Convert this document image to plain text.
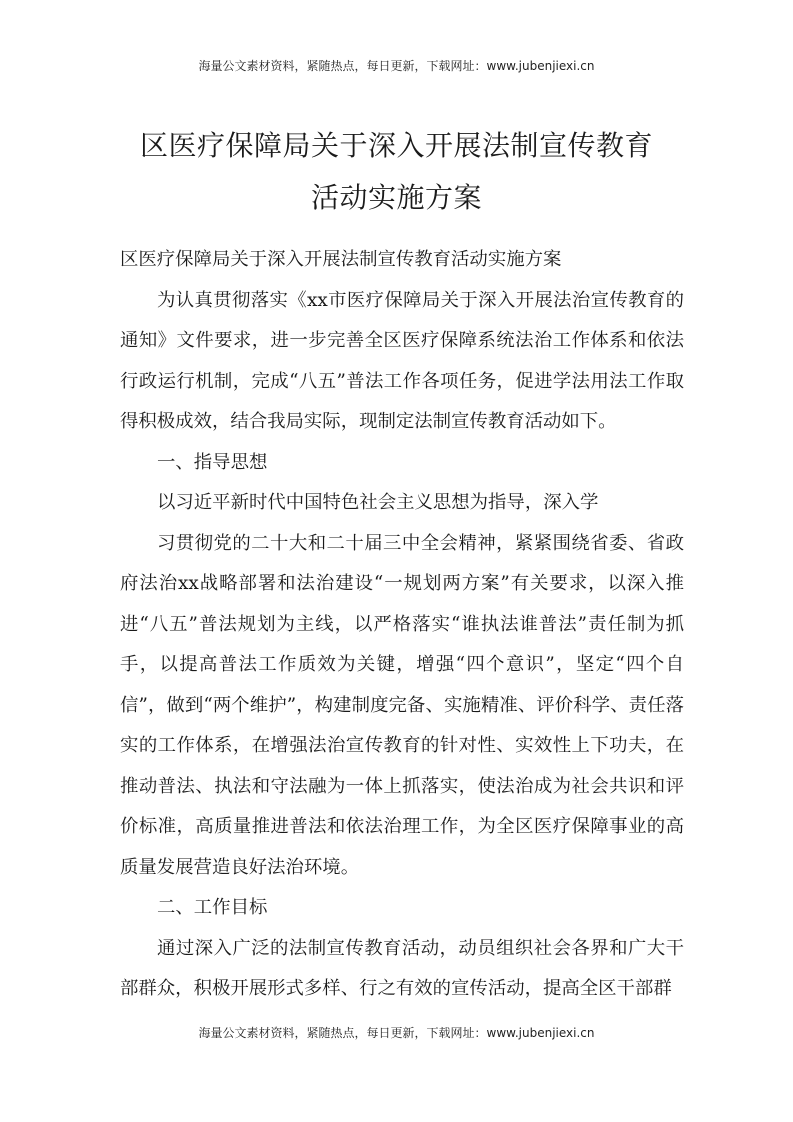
海量公文素材资料，紧随热点，每日更新，下载网址：www.jubenjiexi.cn
区医疗保障局关于深入开展法制宣传教育
活动实施方案

区医疗保障局关于深入开展法制宣传教育活动实施方案

为认真贯彻落实《xx市医疗保障局关于深入开展法治宣传教育的通知》文件要求，进一步完善全区医疗保障系统法治工作体系和依法行政运行机制，完成“八五”普法工作各项任务，促进学法用法工作取得积极成效，结合我局实际，现制定法制宣传教育活动如下。

一、指导思想

以习近平新时代中国特色社会主义思想为指导，深入学

习贯彻党的二十大和二十届三中全会精神，紧紧围绕省委、省政府法治xx战略部署和法治建设“一规划两方案”有关要求，以深入推进“八五”普法规划为主线，以严格落实“谁执法谁普法”责任制为抓手，以提高普法工作质效为关键，增强“四个意识”，坚定“四个自信”，做到“两个维护”，构建制度完备、实施精准、评价科学、责任落实的工作体系，在增强法治宣传教育的针对性、实效性上下功夫，在推动普法、执法和守法融为一体上抓落实，使法治成为社会共识和评价标准，高质量推进普法和依法治理工作，为全区医疗保障事业的高质量发展营造良好法治环境。

二、工作目标

通过深入广泛的法制宣传教育活动，动员组织社会各界和广大干部群众，积极开展形式多样、行之有效的宣传活动，提高全区干部群

海量公文素材资料，紧随热点，每日更新，下载网址：www.jubenjiexi.cn
